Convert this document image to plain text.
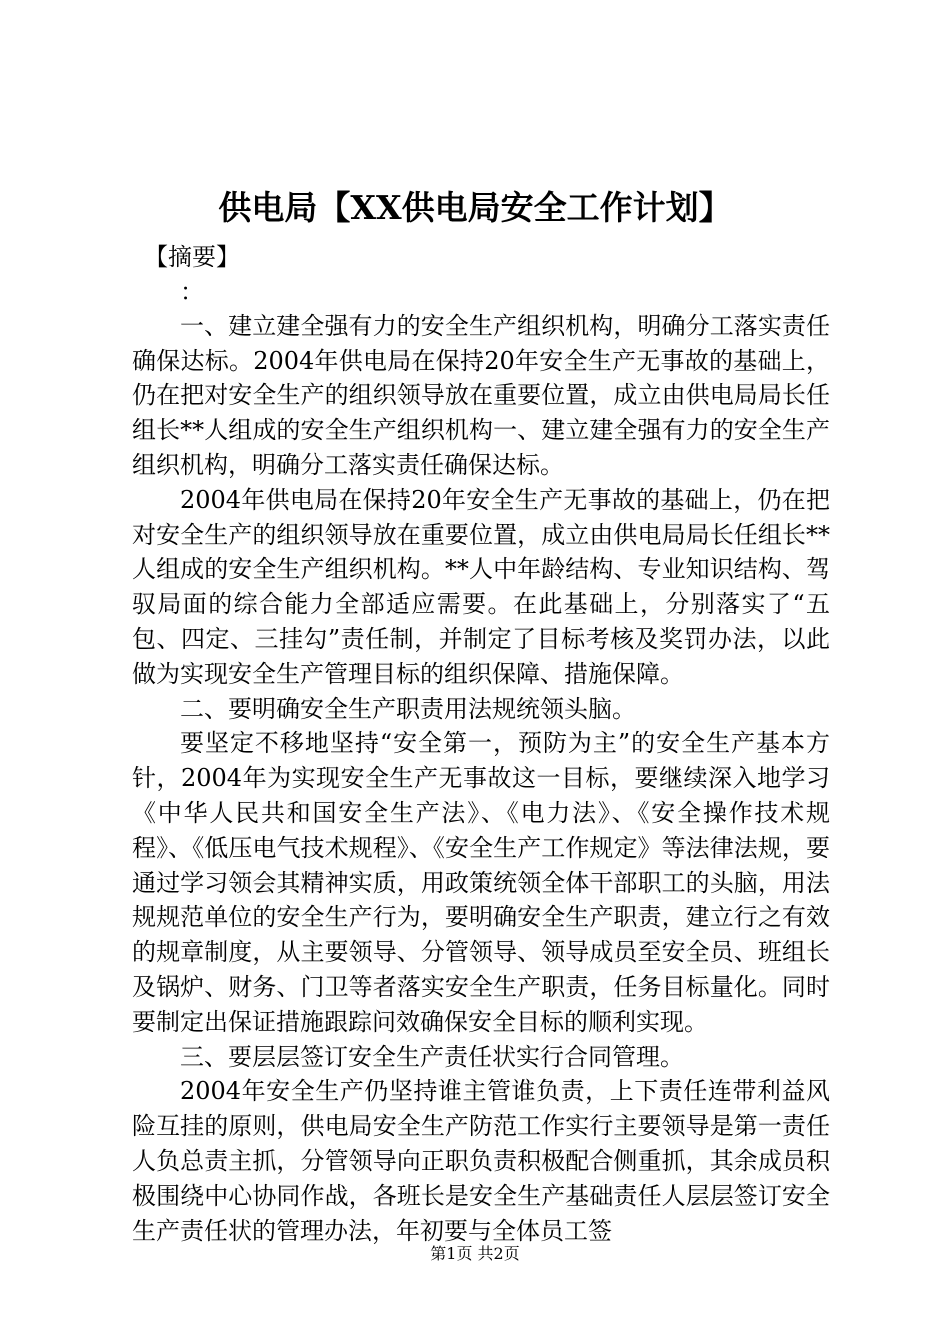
供电局【XX供电局安全工作计划】

【摘要】

：

一、建立建全强有力的安全生产组织机构，明确分工落实责任确保达标。2004年供电局在保持20年安全生产无事故的基础上，仍在把对安全生产的组织领导放在重要位置，成立由供电局局长任组长**人组成的安全生产组织机构一、建立建全强有力的安全生产组织机构，明确分工落实责任确保达标。

2004年供电局在保持20年安全生产无事故的基础上，仍在把对安全生产的组织领导放在重要位置，成立由供电局局长任组长**人组成的安全生产组织机构。**人中年龄结构、专业知识结构、驾驭局面的综合能力全部适应需要。在此基础上，分别落实了“五包、四定、三挂勾”责任制，并制定了目标考核及奖罚办法，以此做为实现安全生产管理目标的组织保障、措施保障。

二、要明确安全生产职责用法规统领头脑。

要坚定不移地坚持“安全第一，预防为主”的安全生产基本方针，2004年为实现安全生产无事故这一目标，要继续深入地学习《中华人民共和国安全生产法》、《电力法》、《安全操作技术规程》、《低压电气技术规程》、《安全生产工作规定》等法律法规，要通过学习领会其精神实质，用政策统领全体干部职工的头脑，用法规规范单位的安全生产行为，要明确安全生产职责，建立行之有效的规章制度，从主要领导、分管领导、领导成员至安全员、班组长及锅炉、财务、门卫等者落实安全生产职责，任务目标量化。同时要制定出保证措施跟踪问效确保安全目标的顺利实现。

三、要层层签订安全生产责任状实行合同管理。

2004年安全生产仍坚持谁主管谁负责，上下责任连带利益风险互挂的原则，供电局安全生产防范工作实行主要领导是第一责任人负总责主抓，分管领导向正职负责积极配合侧重抓，其余成员积极围绕中心协同作战，各班长是安全生产基础责任人层层签订安全生产责任状的管理办法，年初要与全体员工签

第1页 共2页
